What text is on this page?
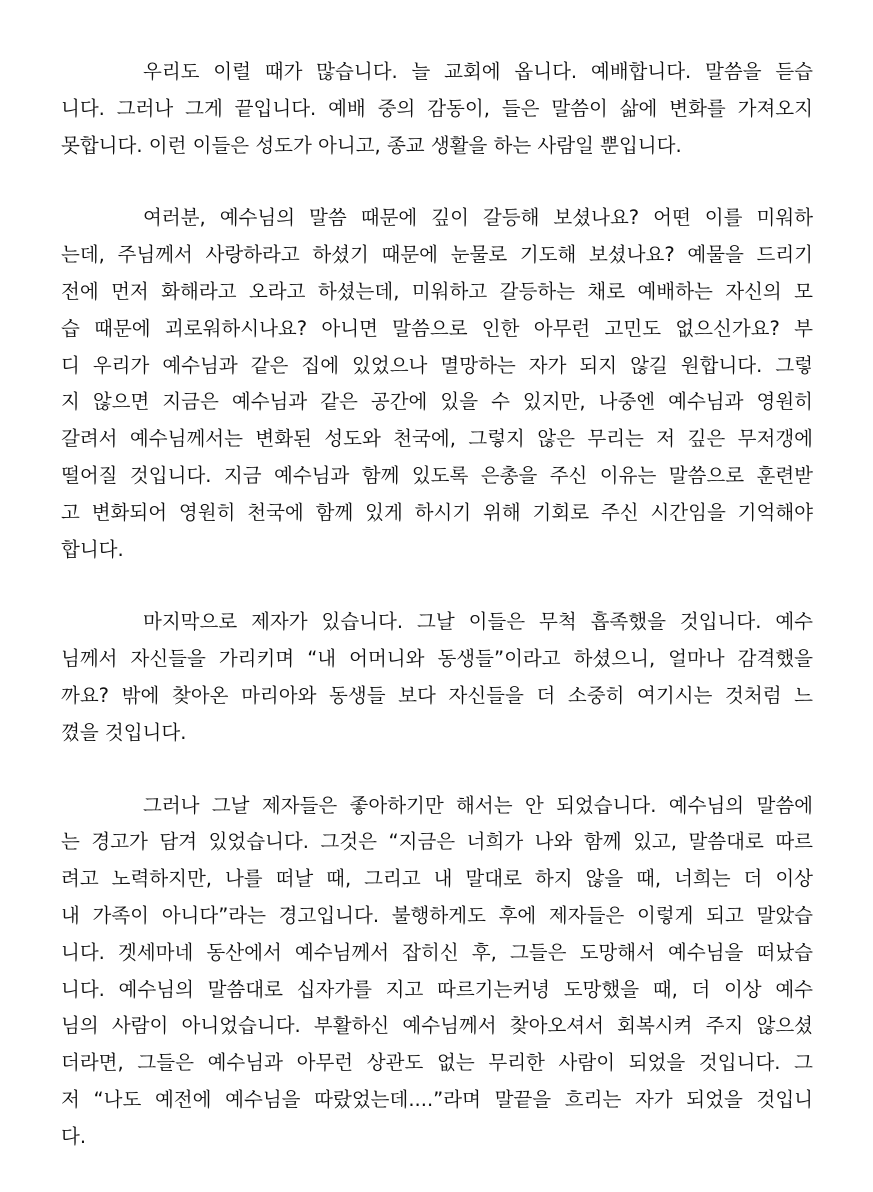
우리도 이럴 때가 많습니다. 늘 교회에 옵니다. 예배합니다. 말씀을 듣습
니다. 그러나 그게 끝입니다. 예배 중의 감동이, 들은 말씀이 삶에 변화를 가져오지
못합니다. 이런 이들은 성도가 아니고, 종교 생활을 하는 사람일 뿐입니다.
여러분, 예수님의 말씀 때문에 깊이 갈등해 보셨나요? 어떤 이를 미워하
는데, 주님께서 사랑하라고 하셨기 때문에 눈물로 기도해 보셨나요? 예물을 드리기
전에 먼저 화해라고 오라고 하셨는데, 미워하고 갈등하는 채로 예배하는 자신의 모
습 때문에 괴로워하시나요? 아니면 말씀으로 인한 아무런 고민도 없으신가요? 부
디 우리가 예수님과 같은 집에 있었으나 멸망하는 자가 되지 않길 원합니다. 그렇
지 않으면 지금은 예수님과 같은 공간에 있을 수 있지만, 나중엔 예수님과 영원히
갈려서 예수님께서는 변화된 성도와 천국에, 그렇지 않은 무리는 저 깊은 무저갱에
떨어질 것입니다. 지금 예수님과 함께 있도록 은총을 주신 이유는 말씀으로 훈련받
고 변화되어 영원히 천국에 함께 있게 하시기 위해 기회로 주신 시간임을 기억해야
합니다.
마지막으로 제자가 있습니다. 그날 이들은 무척 흡족했을 것입니다. 예수
님께서 자신들을 가리키며 “내 어머니와 동생들”이라고 하셨으니, 얼마나 감격했을
까요? 밖에 찾아온 마리아와 동생들 보다 자신들을 더 소중히 여기시는 것처럼 느
꼈을 것입니다.
그러나 그날 제자들은 좋아하기만 해서는 안 되었습니다. 예수님의 말씀에
는 경고가 담겨 있었습니다. 그것은 “지금은 너희가 나와 함께 있고, 말씀대로 따르
려고 노력하지만, 나를 떠날 때, 그리고 내 말대로 하지 않을 때, 너희는 더 이상
내 가족이 아니다”라는 경고입니다. 불행하게도 후에 제자들은 이렇게 되고 말았습
니다. 겟세마네 동산에서 예수님께서 잡히신 후, 그들은 도망해서 예수님을 떠났습
니다. 예수님의 말씀대로 십자가를 지고 따르기는커녕 도망했을 때, 더 이상 예수
님의 사람이 아니었습니다. 부활하신 예수님께서 찾아오셔서 회복시켜 주지 않으셨
더라면, 그들은 예수님과 아무런 상관도 없는 무리한 사람이 되었을 것입니다. 그
저 “나도 예전에 예수님을 따랐었는데....”라며 말끝을 흐리는 자가 되었을 것입니
다.
